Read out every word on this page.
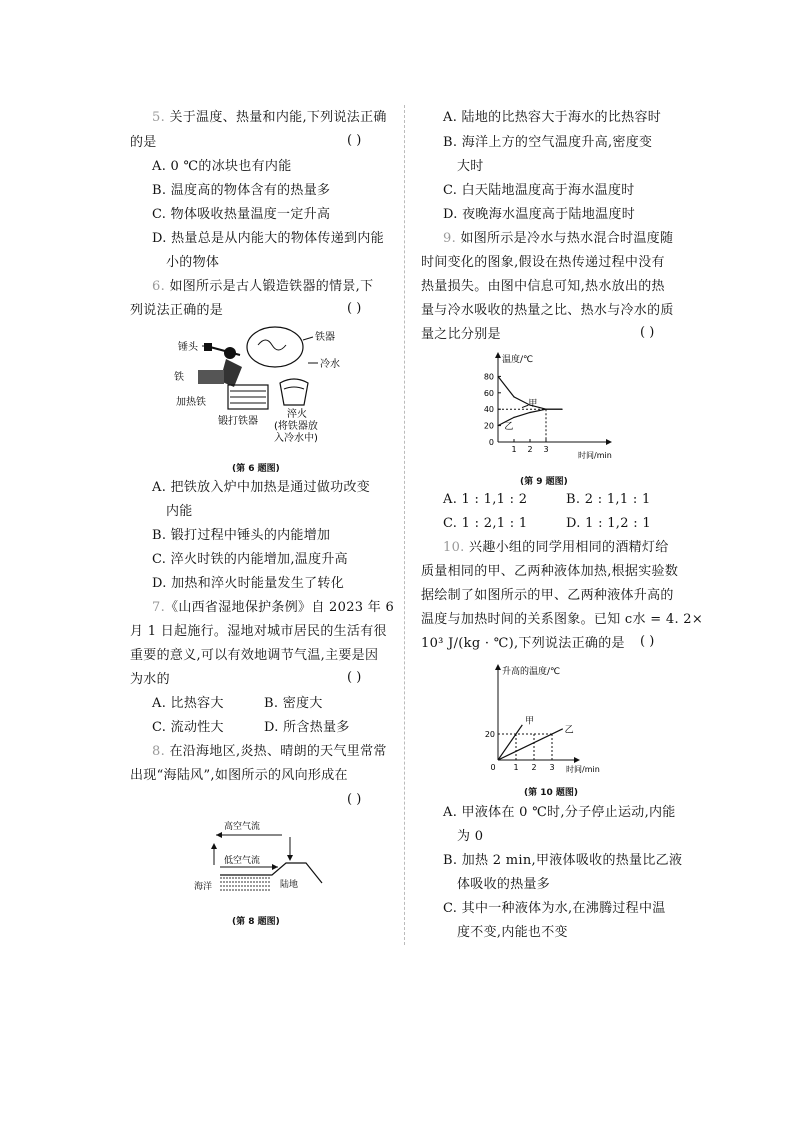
5. 关于温度、热量和内能,下列说法正确
的是	( )
A. 0 ℃的冰块也有内能
B. 温度高的物体含有的热量多
C. 物体吸收热量温度一定升高
D. 热量总是从内能大的物体传递到内能
小的物体
6. 如图所示是古人锻造铁器的情景,下
列说法正确的是	( )
锤头
铁器
冷水
铁
加热铁
锻打铁器
淬火
(将铁器放
入冷水中)
(第 6 题图)
A. 把铁放入炉中加热是通过做功改变
内能
B. 锻打过程中锤头的内能增加
C. 淬火时铁的内能增加,温度升高
D. 加热和淬火时能量发生了转化
7.《山西省湿地保护条例》自 2023 年 6
月 1 日起施行。湿地对城市居民的生活有很
重要的意义,可以有效地调节气温,主要是因
为水的	( )
A. 比热容大	B. 密度大
C. 流动性大	D. 所含热量多
8. 在沿海地区,炎热、晴朗的天气里常常
出现“海陆风”,如图所示的风向形成在
( )
高空气流
低空气流
海洋	陆地
(第 8 题图)
A. 陆地的比热容大于海水的比热容时
B. 海洋上方的空气温度升高,密度变
大时
C. 白天陆地温度高于海水温度时
D. 夜晚海水温度高于陆地温度时
9. 如图所示是冷水与热水混合时温度随
时间变化的图象,假设在热传递过程中没有
热量损失。由图中信息可知,热水放出的热
量与冷水吸收的热量之比、热水与冷水的质
量之比分别是	( )
温度/℃
时间/min
0
20
40
60
80
1 2 3
甲
乙
(第 9 题图)
A. 1 : 1,1 : 2	B. 2 : 1,1 : 1
C. 1 : 2,1 : 1	D. 1 : 1,2 : 1
10. 兴趣小组的同学用相同的酒精灯给
质量相同的甲、乙两种液体加热,根据实验数
据绘制了如图所示的甲、乙两种液体升高的
温度与加热时间的关系图象。已知 c水 = 4. 2×
10³ J/(kg · ℃),下列说法正确的是 ( )
升高的温度/℃
时间/min
20
0 1 2 3
甲
乙
(第 10 题图)
A. 甲液体在 0 ℃时,分子停止运动,内能
为 0
B. 加热 2 min,甲液体吸收的热量比乙液
体吸收的热量多
C. 其中一种液体为水,在沸腾过程中温
度不变,内能也不变
